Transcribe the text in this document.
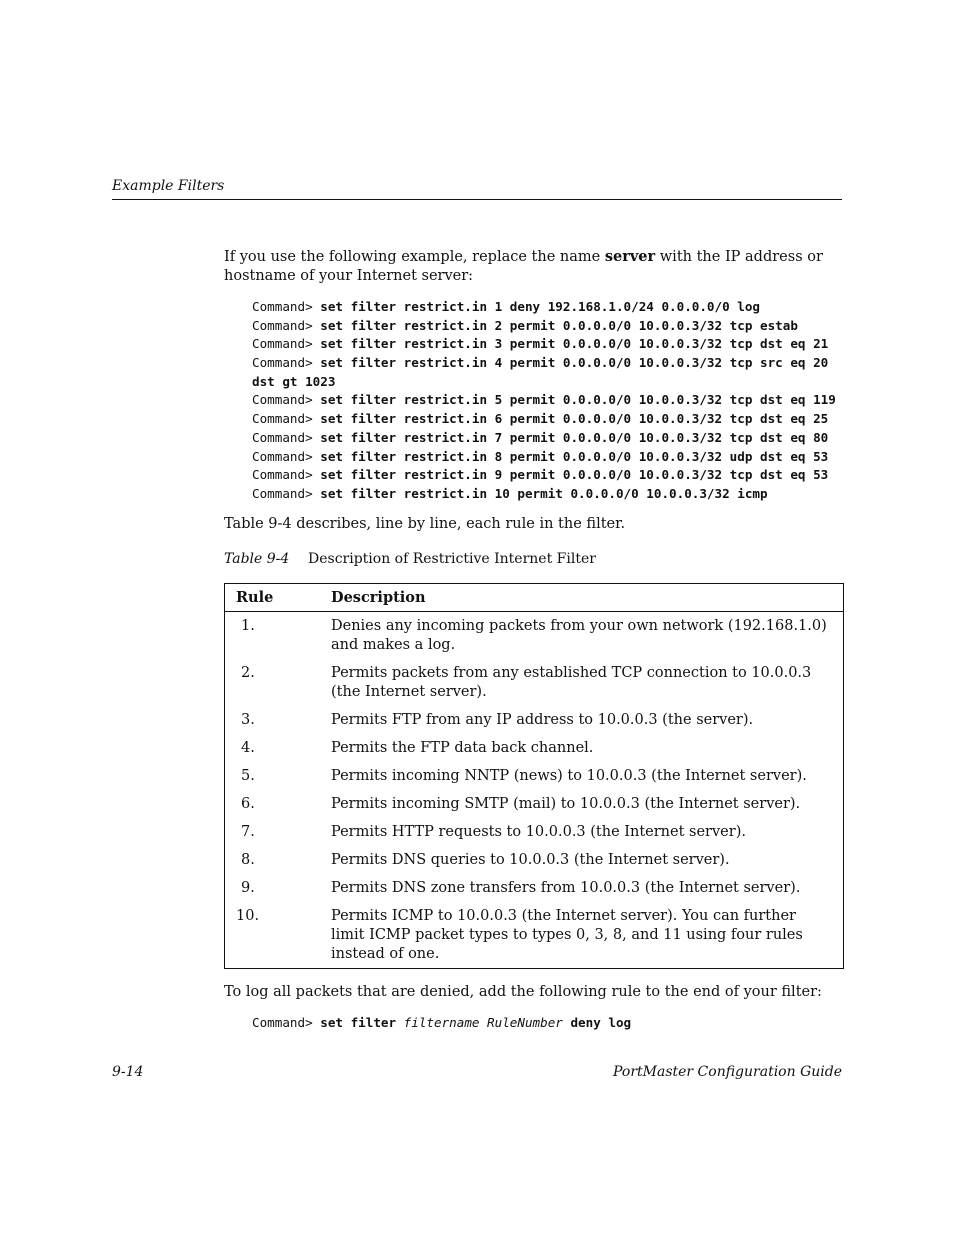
Example Filters
If you use the following example, replace the name server with the IP address or hostname of your Internet server:
Command> set filter restrict.in 1 deny 192.168.1.0/24 0.0.0.0/0 log
Command> set filter restrict.in 2 permit 0.0.0.0/0 10.0.0.3/32 tcp estab
Command> set filter restrict.in 3 permit 0.0.0.0/0 10.0.0.3/32 tcp dst eq 21
Command> set filter restrict.in 4 permit 0.0.0.0/0 10.0.0.3/32 tcp src eq 20
dst gt 1023
Command> set filter restrict.in 5 permit 0.0.0.0/0 10.0.0.3/32 tcp dst eq 119
Command> set filter restrict.in 6 permit 0.0.0.0/0 10.0.0.3/32 tcp dst eq 25
Command> set filter restrict.in 7 permit 0.0.0.0/0 10.0.0.3/32 tcp dst eq 80
Command> set filter restrict.in 8 permit 0.0.0.0/0 10.0.0.3/32 udp dst eq 53
Command> set filter restrict.in 9 permit 0.0.0.0/0 10.0.0.3/32 tcp dst eq 53
Command> set filter restrict.in 10 permit 0.0.0.0/0 10.0.0.3/32 icmp
Table 9-4 describes, line by line, each rule in the filter.
Table 9-4 Description of Restrictive Internet Filter
Rule	Description
1.	Denies any incoming packets from your own network (192.168.1.0) and makes a log.
2.	Permits packets from any established TCP connection to 10.0.0.3 (the Internet server).
3.	Permits FTP from any IP address to 10.0.0.3 (the server).
4.	Permits the FTP data back channel.
5.	Permits incoming NNTP (news) to 10.0.0.3 (the Internet server).
6.	Permits incoming SMTP (mail) to 10.0.0.3 (the Internet server).
7.	Permits HTTP requests to 10.0.0.3 (the Internet server).
8.	Permits DNS queries to 10.0.0.3 (the Internet server).
9.	Permits DNS zone transfers from 10.0.0.3 (the Internet server).
10.	Permits ICMP to 10.0.0.3 (the Internet server). You can further limit ICMP packet types to types 0, 3, 8, and 11 using four rules instead of one.
To log all packets that are denied, add the following rule to the end of your filter:
Command> set filter filtername RuleNumber deny log
9-14	PortMaster Configuration Guide
